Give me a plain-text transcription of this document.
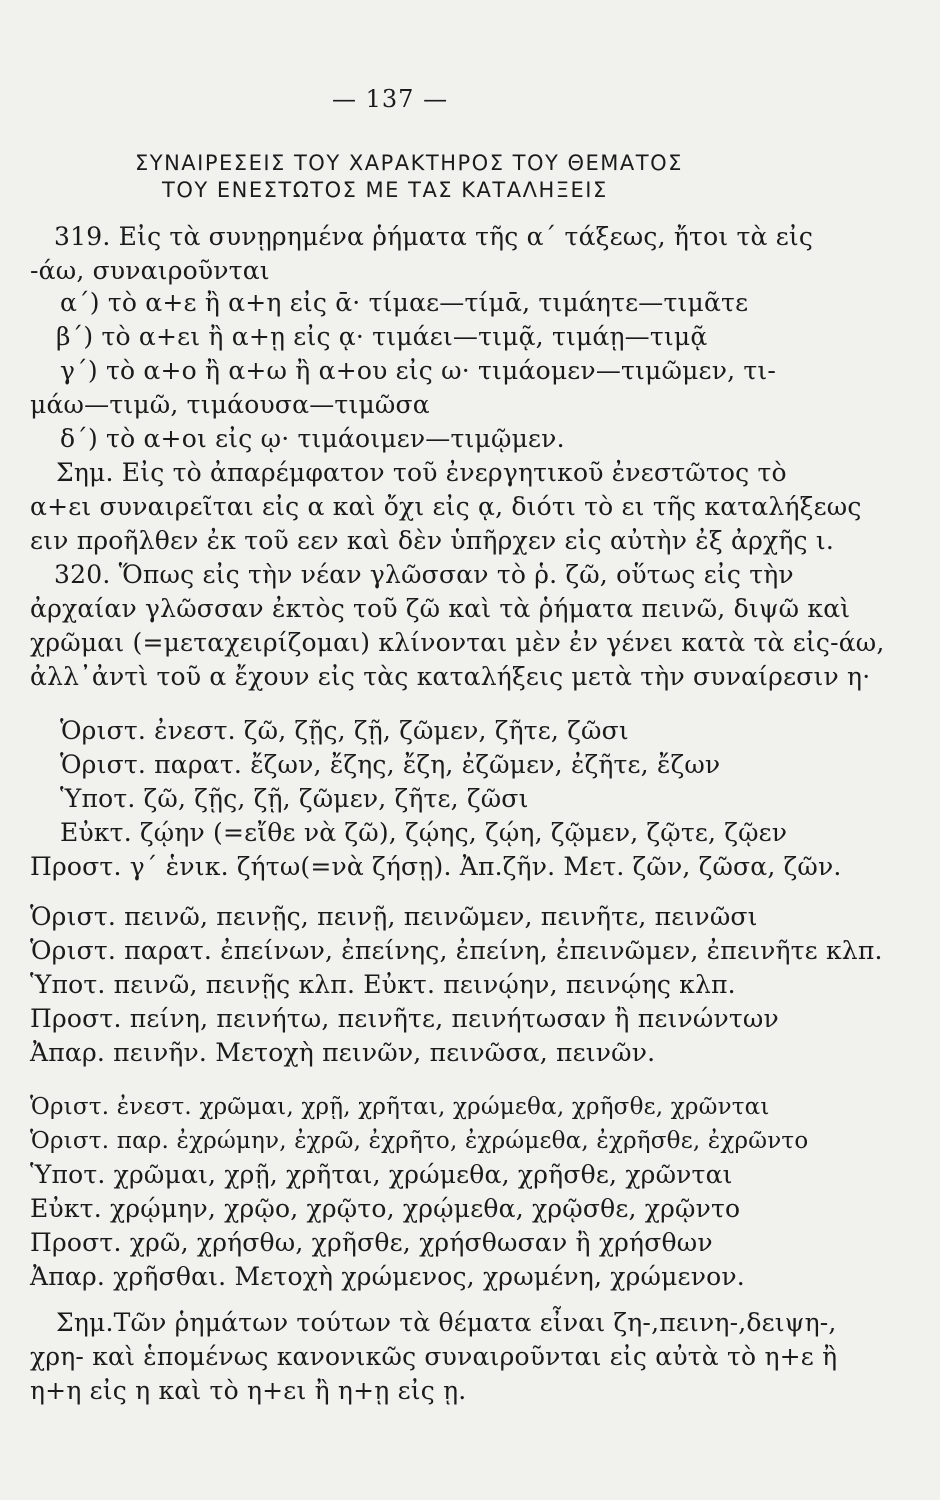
— 137 —
ΣΥΝΑΙΡΕΣΕΙΣ ΤΟΥ ΧΑΡΑΚΤΗΡΟΣ ΤΟΥ ΘΕΜΑΤΟΣ
ΤΟΥ ΕΝΕΣΤΩΤΟΣ ΜΕ ΤΑΣ ΚΑΤΑΛΗΞΕΙΣ
319. Εἰς τὰ συνῃρημένα ῥήματα τῆς α΄ τάξεως, ἤτοι τὰ εἰς
-άω, συναιροῦνται
α΄) τὸ α+ε ἢ α+η εἰς ᾱ· τίμαε—τίμᾱ, τιμάητε—τιμᾶτε
β΄) τὸ α+ει ἢ α+ῃ εἰς ᾳ· τιμάει—τιμᾷ, τιμάῃ—τιμᾷ
γ΄) τὸ α+ο ἢ α+ω ἢ α+ου εἰς ω· τιμάομεν—τιμῶμεν, τι-
μάω—τιμῶ, τιμάουσα—τιμῶσα
δ΄) τὸ α+οι εἰς ῳ· τιμάοιμεν—τιμῷμεν.
Σημ. Εἰς τὸ ἀπαρέμφατον τοῦ ἐνεργητικοῦ ἐνεστῶτος τὸ
α+ει συναιρεῖται εἰς α καὶ ὄχι εἰς ᾳ, διότι τὸ ει τῆς καταλήξεως
ειν προῆλθεν ἐκ τοῦ εεν καὶ δὲν ὑπῆρχεν εἰς αὐτὴν ἐξ ἀρχῆς ι.
320. Ὅπως εἰς τὴν νέαν γλῶσσαν τὸ ῥ. ζῶ, οὕτως εἰς τὴν
ἀρχαίαν γλῶσσαν ἐκτὸς τοῦ ζῶ καὶ τὰ ῥήματα πεινῶ, διψῶ καὶ
χρῶμαι (=μεταχειρίζομαι) κλίνονται μὲν ἐν γένει κατὰ τὰ εἰς-άω,
ἀλλ᾽ἀντὶ τοῦ α ἔχουν εἰς τὰς καταλήξεις μετὰ τὴν συναίρεσιν η·
Ὁριστ. ἐνεστ. ζῶ, ζῇς, ζῇ, ζῶμεν, ζῆτε, ζῶσι
Ὁριστ. παρατ. ἔζων, ἔζης, ἔζη, ἐζῶμεν, ἐζῆτε, ἔζων
Ὑποτ. ζῶ, ζῇς, ζῇ, ζῶμεν, ζῆτε, ζῶσι
Εὐκτ. ζῴην (=εἴθε νὰ ζῶ), ζῴης, ζῴη, ζῷμεν, ζῷτε, ζῷεν
Προστ. γ΄ ἑνικ. ζήτω(=νὰ ζήσῃ). Ἀπ.ζῆν. Μετ. ζῶν, ζῶσα, ζῶν.
Ὁριστ. πεινῶ, πεινῇς, πεινῇ, πεινῶμεν, πεινῆτε, πεινῶσι
Ὁριστ. παρατ. ἐπείνων, ἐπείνης, ἐπείνη, ἐπεινῶμεν, ἐπεινῆτε κλπ.
Ὑποτ. πεινῶ, πεινῇς κλπ. Εὐκτ. πεινῴην, πεινῴης κλπ.
Προστ. πείνη, πεινήτω, πεινῆτε, πεινήτωσαν ἢ πεινώντων
Ἀπαρ. πεινῆν. Μετοχὴ πεινῶν, πεινῶσα, πεινῶν.
Ὁριστ. ἐνεστ. χρῶμαι, χρῇ, χρῆται, χρώμεθα, χρῆσθε, χρῶνται
Ὁριστ. παρ. ἐχρώμην, ἐχρῶ, ἐχρῆτο, ἐχρώμεθα, ἐχρῆσθε, ἐχρῶντο
Ὑποτ. χρῶμαι, χρῇ, χρῆται, χρώμεθα, χρῆσθε, χρῶνται
Εὐκτ. χρῴμην, χρῷο, χρῷτο, χρῴμεθα, χρῷσθε, χρῷντο
Προστ. χρῶ, χρήσθω, χρῆσθε, χρήσθωσαν ἢ χρήσθων
Ἀπαρ. χρῆσθαι. Μετοχὴ χρώμενος, χρωμένη, χρώμενον.
Σημ.Τῶν ῥημάτων τούτων τὰ θέματα εἶναι ζη-,πεινη-,δειψη-,
χρη- καὶ ἑπομένως κανονικῶς συναιροῦνται εἰς αὐτὰ τὸ η+ε ἢ
η+η εἰς η καὶ τὸ η+ει ἢ η+ῃ εἰς ῃ.
